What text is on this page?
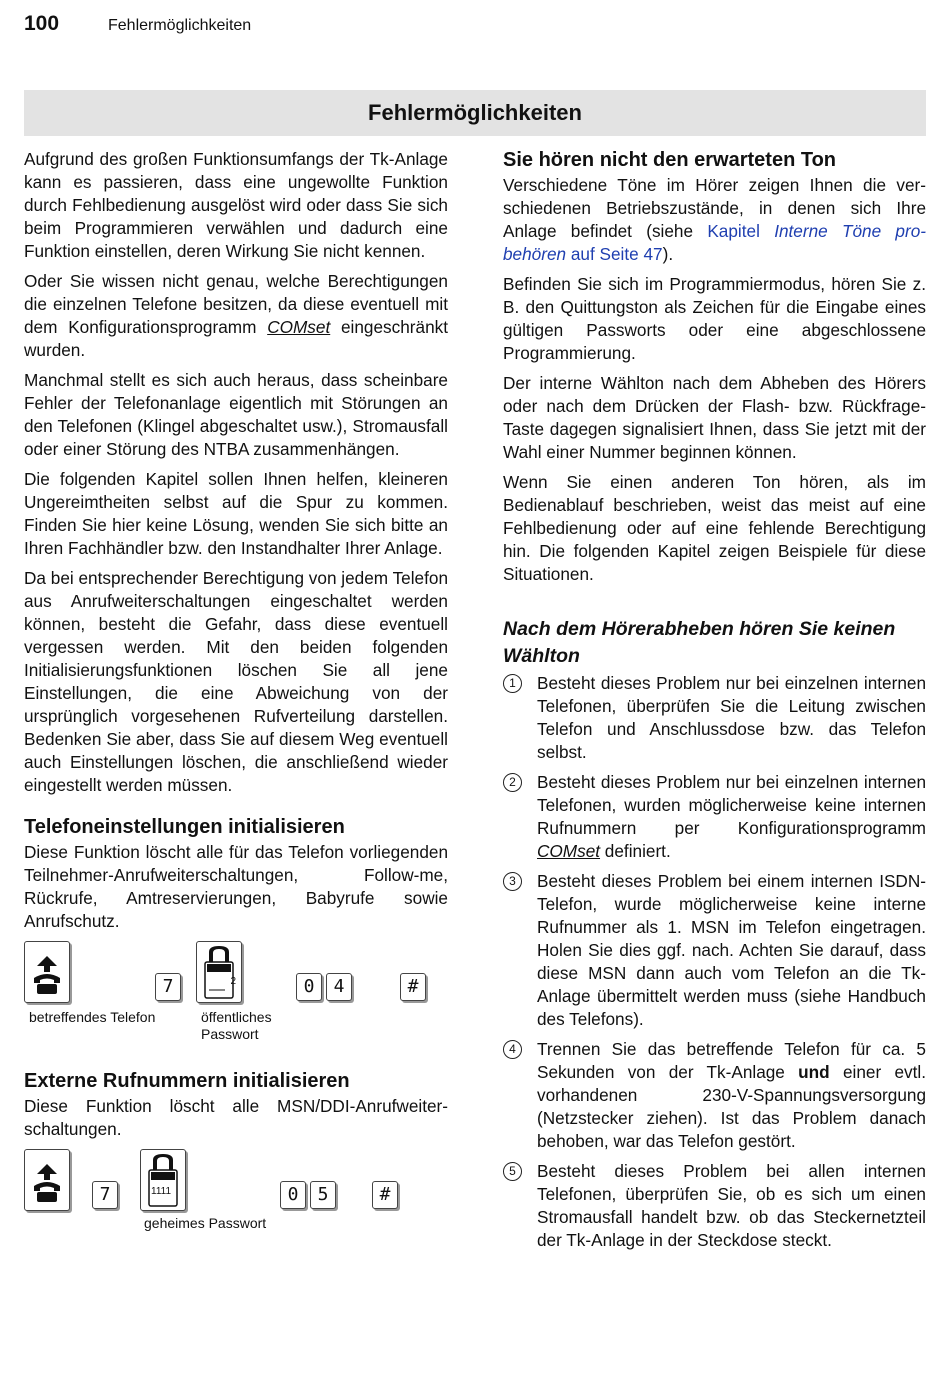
100	Fehlermöglichkeiten
Fehlermöglichkeiten

Aufgrund des großen Funktionsumfangs der Tk-Anlage kann es passieren, dass eine ungewollte Funktion durch Fehlbedienung ausgelöst wird oder dass Sie sich beim Programmieren verwählen und dadurch eine Funktion einstellen, deren Wirkung Sie nicht kennen.

Oder Sie wissen nicht genau, welche Berechtigungen die einzelnen Telefone besitzen, da diese eventuell mit dem Konfigurationsprogramm COMset eingeschränkt wurden.

Manchmal stellt es sich auch heraus, dass scheinbare Fehler der Telefonanlage eigentlich mit Störungen an den Telefonen (Klingel abgeschaltet usw.), Stromausfall oder einer Störung des NTBA zusammenhängen.

Die folgenden Kapitel sollen Ihnen helfen, kleineren Ungereimtheiten selbst auf die Spur zu kommen. Finden Sie hier keine Lösung, wenden Sie sich bitte an Ihren Fachhändler bzw. den Instandhalter Ihrer Anlage.

Da bei entsprechender Berechtigung von jedem Telefon aus Anrufweiterschaltungen eingeschaltet werden können, besteht die Gefahr, dass diese eventuell vergessen werden. Mit den beiden folgenden Initialisierungsfunktionen löschen Sie all jene Einstellungen, die eine Abweichung von der ursprünglich vorgesehenen Rufverteilung darstellen. Bedenken Sie aber, dass Sie auf diesem Weg eventuell auch Einstellungen löschen, die anschließend wieder eingestellt werden müssen.

Telefoneinstellungen initialisieren

Diese Funktion löscht alle für das Telefon vorliegenden Teilnehmer-Anrufweiterschaltungen, Follow-me, Rückrufe, Amtreservierungen, Babyrufe sowie Anrufschutz.

7	2	0	4	#
betreffendes Telefon	öffentliches Passwort
Externe Rufnummern initialisieren

Diese Funktion löscht alle MSN/DDI-Anrufweiterschaltungen.

7	1111	0	5	#
geheimes Passwort
Sie hören nicht den erwarteten Ton

Verschiedene Töne im Hörer zeigen Ihnen die verschiedenen Betriebszustände, in denen sich Ihre Anlage befindet (siehe Kapitel Interne Töne probehören auf Seite 47).

Befinden Sie sich im Programmiermodus, hören Sie z. B. den Quittungston als Zeichen für die Eingabe eines gültigen Passworts oder eine abgeschlossene Programmierung.

Der interne Wählton nach dem Abheben des Hörers oder nach dem Drücken der Flash- bzw. Rückfrage-Taste dagegen signalisiert Ihnen, dass Sie jetzt mit der Wahl einer Nummer beginnen können.

Wenn Sie einen anderen Ton hören, als im Bedienablauf beschrieben, weist das meist auf eine Fehlbedienung oder auf eine fehlende Berechtigung hin. Die folgenden Kapitel zeigen Beispiele für diese Situationen.

Nach dem Hörerabheben hören Sie keinen Wählton
1	Besteht dieses Problem nur bei einzelnen internen Telefonen, überprüfen Sie die Leitung zwischen Telefon und Anschlussdose bzw. das Telefon selbst.

2	Besteht dieses Problem nur bei einzelnen internen Telefonen, wurden möglicherweise keine internen Rufnummern per Konfigurationsprogramm COMset definiert.

3	Besteht dieses Problem bei einem internen ISDN-Telefon, wurde möglicherweise keine interne Rufnummer als 1. MSN im Telefon eingetragen. Holen Sie dies ggf. nach. Achten Sie darauf, dass diese MSN dann auch vom Telefon an die Tk-Anlage übermittelt werden muss (siehe Handbuch des Telefons).

4	Trennen Sie das betreffende Telefon für ca. 5 Sekunden von der Tk-Anlage und einer evtl. vorhandenen 230-V-Spannungsversorgung (Netzstecker ziehen). Ist das Problem danach behoben, war das Telefon gestört.

5	Besteht dieses Problem bei allen internen Telefonen, überprüfen Sie, ob es sich um einen Stromausfall handelt bzw. ob das Steckernetzteil der Tk-Anlage in der Steckdose steckt.
